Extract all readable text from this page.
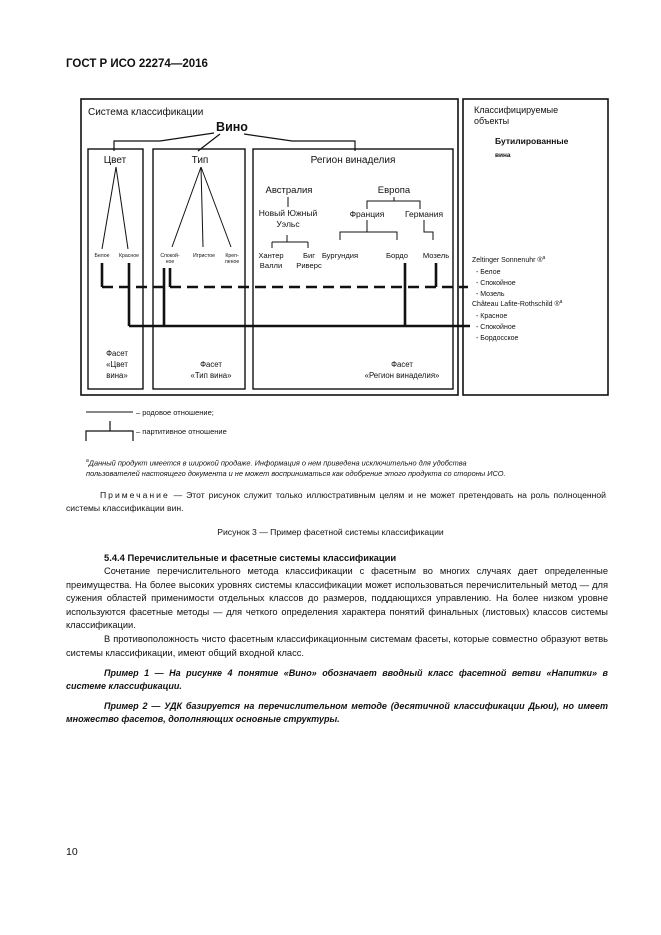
ГОСТ Р ИСО 22274—2016
Система классификации
Вино
Цвет	Тип	Регион винаделия
Белое Красное	Спокой-
ное
Игристое Креп-
леное
Австралия	Европа
Новый Южный
Уэльс
Франция Германия
Хантер
Валли
Биг
Риверс
Бургундия	Бордо Мозель
Фасет
«Цвет
вина»
Фасет
«Тип вина»
Фасет
«Регион винаделия»
Классифицируемые
объекты
Бутилированные
вина
Zeltinger Sonnenuhr ®$^a$
- Белое
- Спокойное
- Мозель
Château Lafite-Rothschild ®$^a$
- Красное
- Спокойное
- Бордосское
– родовое отношение;
– партитивное отношение
$^a$Данный продукт имеется в широкой продаже. Информация о нем приведена исключительно для удобства
пользователей настоящего документа и не может восприниматься как одобрение этого продукта со стороны ИСО.
Примечание — Этот рисунок служит только иллюстративным целям и не может претендовать на роль полноценной системы классификации вин.
Рисунок 3 — Пример фасетной системы классификации
5.4.4 Перечислительные и фасетные системы классификации
Сочетание перечислительного метода классификации с фасетным во многих случаях дает определенные преимущества. На более высоких уровнях системы классификации может использоваться перечислительный метод — для сужения областей применимости отдельных классов до размеров, поддающихся управлению. На более низком уровне используются фасетные методы — для четкого определения характера понятий финальных (листовых) классов системы классификации.
В противоположность чисто фасетным классификационным системам фасеты, которые совместно образуют ветвь системы классификации, имеют общий входной класс.
Пример 1 — На рисунке 4 понятие «Вино» обозначает вводный класс фасетной ветви «Напитки» в системе классификации.
Пример 2 — УДК базируется на перечислительном методе (десятичной классификации Дьюи), но имеет множество фасетов, дополняющих основные структуры.
10
